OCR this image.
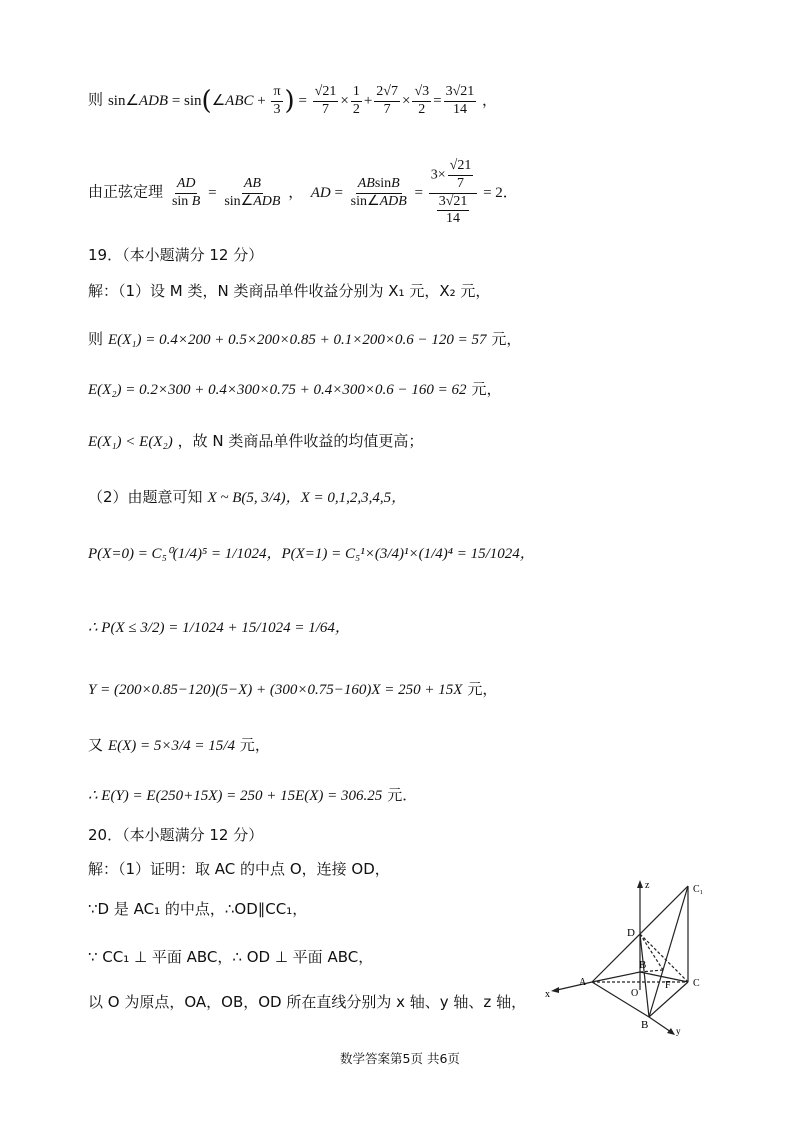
则 sin∠ADB = sin(∠ABC + $\frac{\pi}{3}$ ) = $\frac{√21}{7} \times \frac{1}{2} + \frac{2√7}{7} \times \frac{√3}{2} = \frac{3√21}{14}$ ，
由正弦定理 $\frac{AD}{\text{sin B}} = \frac{AB}{\text{sin∠ADB}}$ ，  AD = $\frac{ABsinB}{\text{sin∠ADB}} = \frac{3\times \frac{√21}{7}}{\frac{3√21}{14}} = 2$．
19．（本小题满分 12 分）
解：（1）设 M 类，N 类商品单件收益分别为 X₁ 元，X₂ 元，
则 E(X₁) = 0.4×200 + 0.5×200×0.85 + 0.1×200×0.6 − 120 = 57 元，
E(X₂) = 0.2×300 + 0.4×300×0.75 + 0.4×300×0.6 − 160 = 62 元，
E(X₁) < E(X₂) ，故 N 类商品单件收益的均值更高；
（2）由题意可知 X ~ B(5, 3/4)，X = 0,1,2,3,4,5，
P(X=0) = C₅⁰(1/4)⁵ = 1/1024，P(X=1) = C₅¹×(3/4)¹×(1/4)⁴ = 15/1024，
∴ P(X ≤ 3/2) = 1/1024 + 15/1024 = 1/64，
Y = (200×0.85−120)(5−X) + (300×0.75−160)X = 250 + 15X 元，
又 E(X) = 5×3/4 = 15/4 元，
∴ E(Y) = E(250+15X) = 250 + 15E(X) = 306.25 元．
20．（本小题满分 12 分）
解：（1）证明：取 AC 的中点 O，连接 OD，
∵D 是 AC₁ 的中点，∴OD∥CC₁，
∵ CC₁ ⊥ 平面 ABC，∴ OD ⊥ 平面 ABC，
以 O 为原点，OA，OB，OD 所在直线分别为 x 轴、y 轴、z 轴，
z	C₁
D
B
A	C
O
F
B
x
y
数学答案第5页 共6页
